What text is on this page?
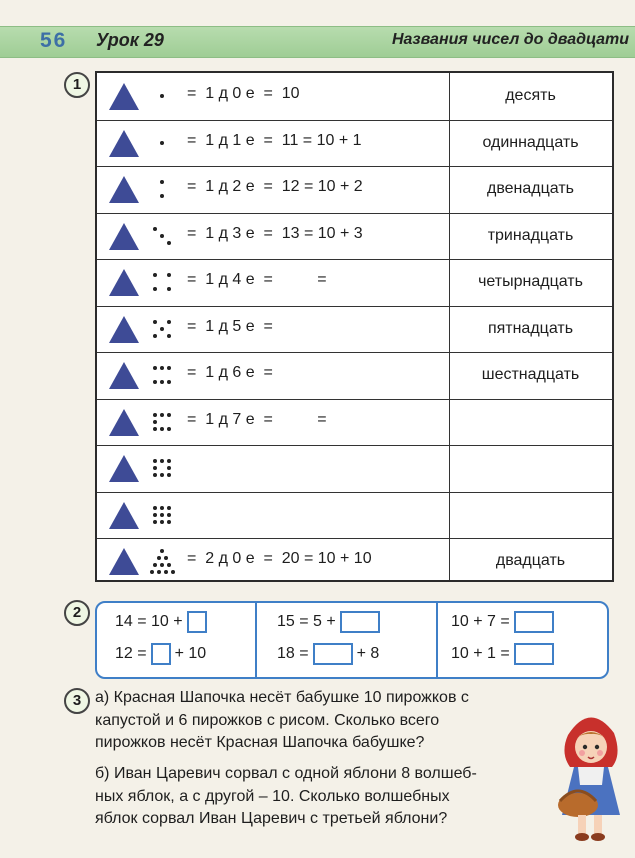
56 Урок 29	Названия чисел до двадцати
1
=  1 д 0 е  =  10	десять
=  1 д 1 е  =  11 = 10 + 1	одиннадцать
=  1 д 2 е  =  12 = 10 + 2	двенадцать
=  1 д 3 е  =  13 = 10 + 3	тринадцать
=  1 д 4 е  =          =	четырнадцать
=  1 д 5 е  =	пятнадцать
=  1 д 6 е  =	шестнадцать
=  1 д 7 е  =          =
=  2 д 0 е  =  20 = 10 + 10	двадцать
2
14 = 10 +
12 = + 10
15 = 5 +
18 =	+ 8
10 + 7 =
10 + 1 =
3 а) Красная Шапочка несёт бабушке 10 пирожков с
капустой и 6 пирожков с рисом. Сколько всего
пирожков несёт Красная Шапочка бабушке?
б) Иван Царевич сорвал с одной яблони 8 волшеб-
ных яблок, а с другой – 10. Сколько волшебных
яблок сорвал Иван Царевич с третьей яблони?
